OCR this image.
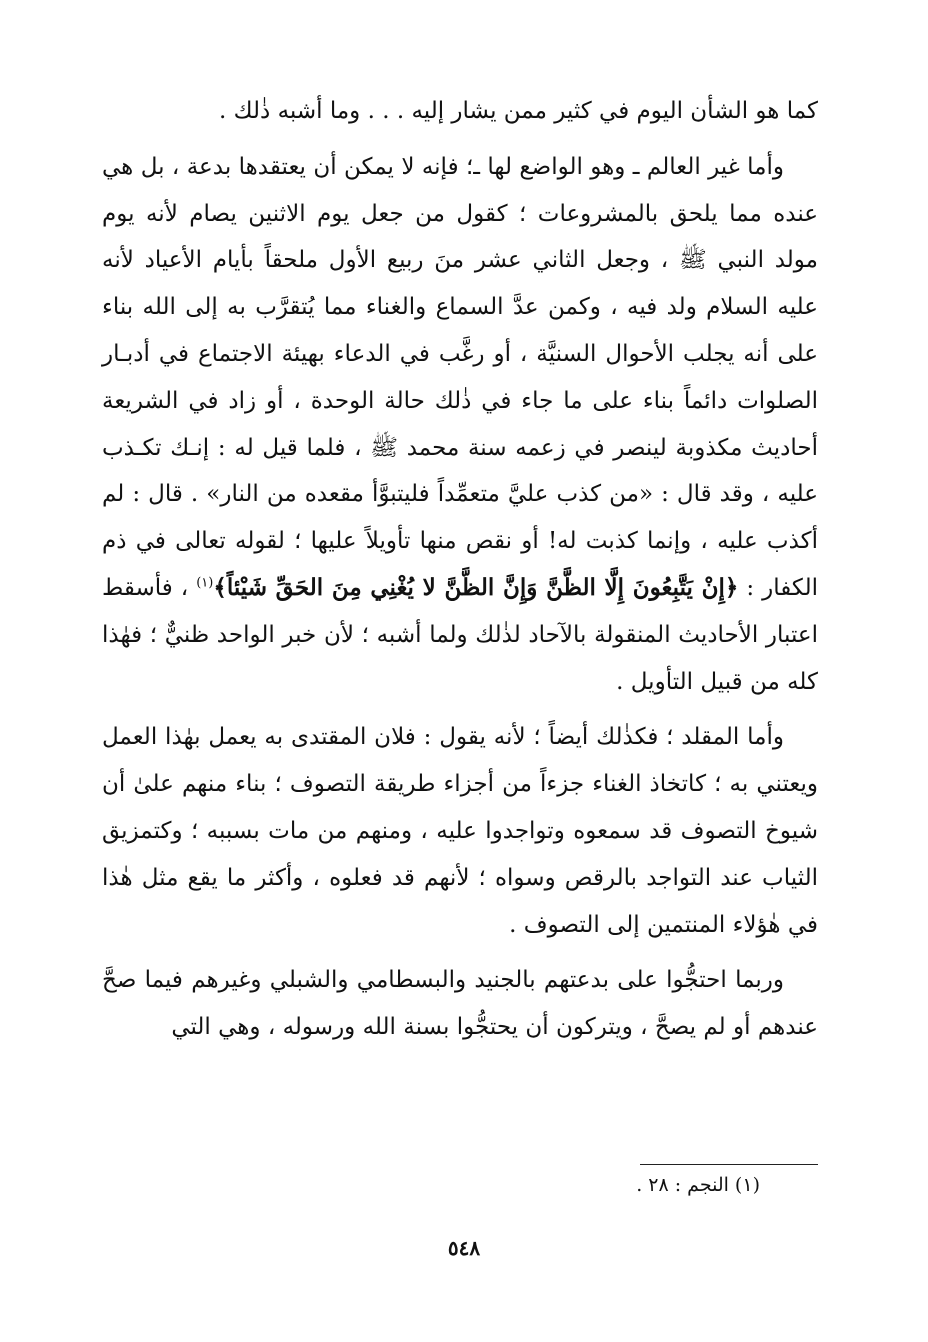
كما هو الشأن اليوم في كثير ممن يشار إليه . . . وما أشبه ذٰلك .

وأما غير العالم ـ وهو الواضع لها ـ؛ فإنه لا يمكن أن يعتقدها بدعة ، بل هي عنده مما يلحق بالمشروعات ؛ كقول من جعل يوم الاثنين يصام لأنه يوم مولد النبي ﷺ ، وجعل الثاني عشر منَ ربيع الأول ملحقاً بأيام الأعياد لأنه عليه السلام ولد فيه ، وكمن عدَّ السماع والغناء مما يُتقرَّب به إلى الله بناء على أنه يجلب الأحوال السنيَّة ، أو رغَّب في الدعاء بهيئة الاجتماع في أدبـار الصلوات دائماً بناء على ما جاء في ذٰلك حالة الوحدة ، أو زاد في الشريعة أحاديث مكذوبة لينصر في زعمه سنة محمد ﷺ ، فلما قيل له : إنـك تكـذب عليه ، وقد قال : «من كذب عليَّ متعمِّداً فليتبوَّأ مقعده من النار» . قال : لم أكذب عليه ، وإنما كذبت له! أو نقص منها تأويلاً عليها ؛ لقوله تعالى في ذم الكفار : ﴿إِنْ يَتَّبِعُونَ إِلَّا الظَّنَّ وَإِنَّ الظَّنَّ لا يُغْنِي مِنَ الحَقِّ شَيْئاً﴾$^{(١)}$ ، فأسقط اعتبار الأحاديث المنقولة بالآحاد لذٰلك ولما أشبه ؛ لأن خبر الواحد ظنيٌّ ؛ فهٰذا كله من قبيل التأويل .

وأما المقلد ؛ فكذٰلك أيضاً ؛ لأنه يقول : فلان المقتدى به يعمل بهٰذا العمل ويعتني به ؛ كاتخاذ الغناء جزءاً من أجزاء طريقة التصوف ؛ بناء منهم علىٰ أن شيوخ التصوف قد سمعوه وتواجدوا عليه ، ومنهم من مات بسببه ؛ وكتمزيق الثياب عند التواجد بالرقص وسواه ؛ لأنهم قد فعلوه ، وأكثر ما يقع مثل هٰذا في هٰؤلاء المنتمين إلى التصوف .

وربما احتجُّوا على بدعتهم بالجنيد والبسطامي والشبلي وغيرهم فيما صحَّ عندهم أو لم يصحَّ ، ويتركون أن يحتجُّوا بسنة الله ورسوله ، وهي التي

(١) النجم : ٢٨ .
٥٤٨
